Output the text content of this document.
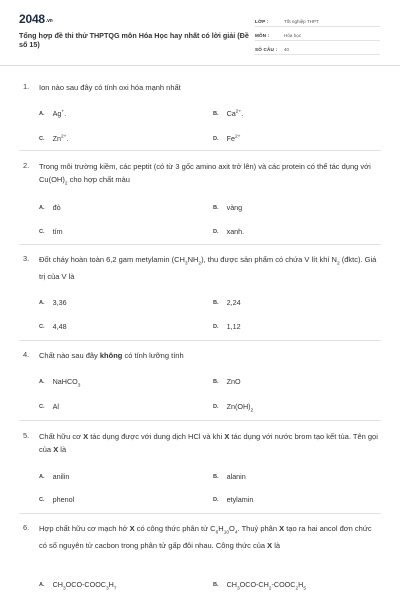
2048.vn
Tổng hợp đề thi thử THPTQG môn Hóa Học hay nhất có lời giải (Đề số 15)
LỚP :	Tốt nghiệp THPT
MÔN :	Hóa học
SỐ CÂU : 40
1. Ion nào sau đây có tính oxi hóa mạnh nhất
A. Ag+.	B. $Ca^{2+}$.
C. $Zn^{2+}$.	D. $Fe^{2+}$
2. Trong môi trường kiềm, các peptit (có từ 3 gốc amino axit trở lên) và các protein có thể tác dụng với $Cu(OH)_2$ cho hợp chất màu
A. đỏ	B. vàng
C. tím	D. xanh.
3. Đốt cháy hoàn toàn 6,2 gam metylamin $(CH_3NH_2)$, thu được sản phẩm có chứa V lít khí $N_2$ (đktc). Giá trị của V là
A. 3,36	B. 2,24
C. 4,48	D. 1,12
4. Chất nào sau đây không có tính lưỡng tính
A. NaHCO$_3$
B. ZnO
C. Al	D. $Zn(OH)_2$
5. Chất hữu cơ X tác dụng được với dung dịch HCl và khi X tác dụng với nước brom tạo kết tủa. Tên gọi của X là
A. anilin	B. alanin
C. phenol	D. etylamin
6. Hợp chất hữu cơ mạch hở X có công thức phân tử $C_6H_{10}O_4$. Thuỷ phân X tạo ra hai ancol đơn chức có số nguyên tử cacbon trong phân tử gấp đôi nhau. Công thức của X là
A. $CH_3OCO-COOC_3H_7$
B. $CH_3OCO-CH_2-COOC_2H_5$
